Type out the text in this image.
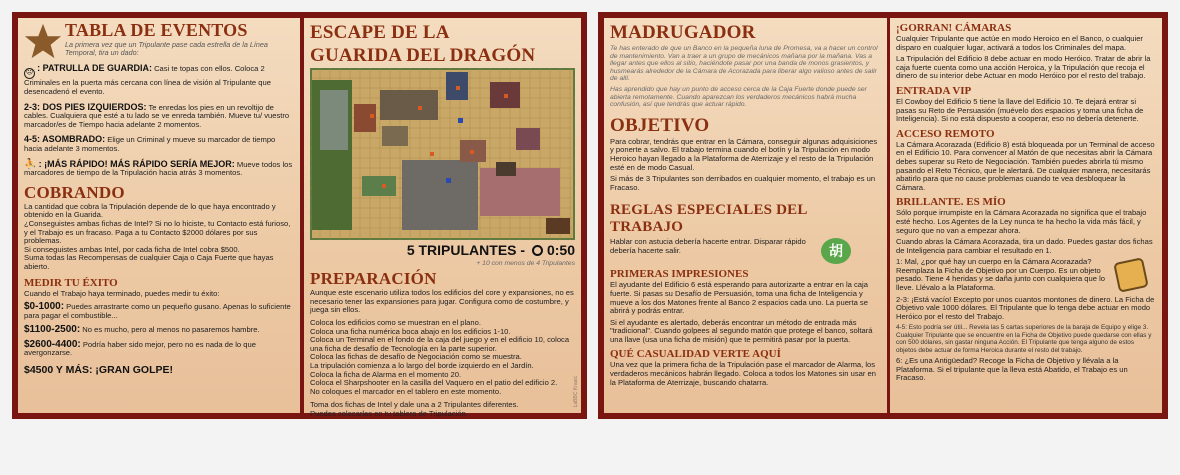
TABLA DE EVENTOS
La primera vez que un Tripulante pase cada estrella de la Línea Temporal, tira un dado:
☹ : PATRULLA DE GUARDIA: Casi te topas con ellos. Coloca 2 Criminales en la puerta más cercana con línea de visión al Tripulante que desencadenó el evento.
2-3: DOS PIES IZQUIERDOS: Te enredas los pies en un revoltijo de cables. Cualquiera que esté a tu lado se ve enreda también. Mueve tu/ vuestro marcador/es de Tiempo hacia adelante 2 momentos.
4-5: ASOMBRADO: Elige un Criminal y mueve su marcador de tiempo hacia adelante 3 momentos.
⛹ : ¡MÁS RÁPIDO! MÁS RÁPIDO SERÍA MEJOR: Mueve todos los marcadores de tiempo de la Tripulación hacia atrás 3 momentos.
COBRANDO
La cantidad que cobra la Tripulación depende de lo que haya encontrado y obtenido en la Guarida.
¿Conseguistes ambas fichas de Intel? Si no lo hiciste, tu Contacto está furioso, y el Trabajo es un fracaso. Paga a tu Contacto $2000 dólares por sus problemas.
Si conseguistes ambas Intel, por cada ficha de Intel cobra $500.
Suma todas las Recompensas de cualquier Caja o Caja Fuerte que hayas abierto.
MEDIR TU ÉXITO
Cuando el Trabajo haya terminado, puedes medir tu éxito:
$0-1000: Puedes arrastrarte como un pequeño gusano. Apenas lo suficiente para pagar el combustible...
$1100-2500: No es mucho, pero al menos no pasaremos hambre.
$2600-4400: Podría haber sido mejor, pero no es nada de lo que avergonzarse.
$4500 Y MÁS: ¡GRAN GOLPE!
ESCAPE DE LA
GUARIDA DEL DRAGÓN
5 TRIPULANTES - 0:50
+ 10 con menos de 4 Tripulantes
PREPARACIÓN
Aunque este escenario utiliza todos los edificios del core y expansiones, no es necesario tener las expansiones para jugar. Configura como de costumbre, y juega sin ellos.
Coloca los edificios como se muestran en el plano.
Coloca una ficha numérica boca abajo en los edificios 1-10.
Coloca un Terminal en el fondo de la caja del juego y en el edificio 10, coloca una ficha de desafío de Tecnología en la parte superior.
Coloca las fichas de desafío de Negociación como se muestra.
La tripulación comienza a lo largo del borde izquierdo en el Jardín.
Coloca la ficha de Alarma en el momento 20.
Coloca el Sharpshooter en la casilla del Vaquero en el patio del edificio 2.
No coloques el marcador en el tablero en este momento.
Toma dos fichas de Intel y dale una a 2 Tripulantes diferentes.
Puedes colocarlas en tu tablero de Tripulación.
LaBBC Kraaic
MADRUGADOR
Te has enterado de que un Banco en la pequeña luna de Promesa, va a hacer un control de mantenimiento. Van a traer a un grupo de mecánicos mañana por la mañana. Vas a llegar antes que ellos al sitio, haciéndote pasar por una banda de monos grasientos, y husmearás alrededor de la Cámara de Acorazada para liberar algo valioso antes de salir de allí.
Has aprendido que hay un punto de acceso cerca de la Caja Fuerte donde puede ser abierta remotamente. Cuando aparezcan los verdaderos mecánicos habrá mucha confusión, así que tendrás que actuar rápido.
OBJETIVO
Para cobrar, tendrás que entrar en la Cámara, conseguir algunas adquisiciones y ponerte a salvo. El trabajo termina cuando el botín y la Tripulación en modo Heroico hayan llegado a la Plataforma de Aterrizaje y el resto de la Tripulación esté en de modo Casual.
Si más de 3 Tripulantes son derribados en cualquier momento, el trabajo es un Fracaso.
REGLAS ESPECIALES DEL TRABAJO
Hablar con astucia debería hacerte entrar. Disparar rápido debería hacerte salir.	胡
PRIMERAS IMPRESIONES
El ayudante del Edificio 6 está esperando para autorizarte a entrar en la caja fuerte. Si pasas su Desafío de Persuasión, toma una ficha de Inteligencia y mueve a los dos Matones frente al Banco 2 espacios cada uno. La puerta se abrirá y podrás entrar.
Si el ayudante es alertado, deberás encontrar un método de entrada más "tradicional". Cuando golpees al segundo matón que protege el banco, soltará una llave (usa una ficha de misión) que te permitirá pasar por la puerta.
QUÉ CASUALIDAD VERTE AQUÍ
Una vez que la primera ficha de la Tripulación pase el marcador de Alarma, los verdaderos mecánicos habrán llegado. Coloca a todos los Matones sin usar en la Plataforma de Aterrizaje, buscando chatarra.
¡GORRAN! CÁMARAS
Cualquier Tripulante que actúe en modo Heroico en el Banco, o cualquier disparo en cualquier lugar, activará a todos los Criminales del mapa.
La Tripulación del Edificio 8 debe actuar en modo Heróico. Tratar de abrir la caja fuerte cuenta como una acción Heroica, y la Tripulación que recoja el dinero de su interior debe Actuar en modo Heróico por el resto del trabajo.
ENTRADA VIP
El Cowboy del Edificio 5 tiene la llave del Edificio 10. Te dejará entrar si pasas su Reto de Persuasión (muévelo dos espacios y toma una ficha de Inteligencia). Si no está dispuesto a cooperar, eso no debería detenerte.
ACCESO REMOTO
La Cámara Acorazada (Edificio 8) está bloqueada por un Terminal de acceso en el Edificio 10. Para convencer al Matón de que necesitas abrir la Cámara debes superar su Reto de Negociación. También puedes abrirla tú mismo pasando el Reto Técnico, que le alertará. De cualquier manera, necesitarás abatirlo para que no cause problemas cuando te vea desbloquear la Cámara.
BRILLANTE. ES MÍO
Sólo porque irrumpiste en la Cámara Acorazada no significa que el trabajo esté hecho. Los Agentes de la Ley nunca te ha hecho la vida más fácil, y seguro que no van a empezar ahora.
Cuando abras la Cámara Acorazada, tira un dado. Puedes gastar dos fichas de Inteligencia para cambiar el resultado en 1.
1: Mal, ¿por qué hay un cuerpo en la Cámara Acorazada? Reemplaza la Ficha de Objetivo por un Cuerpo. Es un objeto pesado. Tiene 4 heridas y se daña junto con cualquiera que lo lleve. Llévalo a la Plataforma.
2-3: ¡Está vacío! Excepto por unos cuantos montones de dinero. La Ficha de Objetivo vale 1000 dólares. El Tripulante que lo tenga debe actuar en modo Heróico por el resto del Trabajo.
4-5: Esto podría ser útil... Revela las 5 cartas superiores de la baraja de Equipo y elige 3. Cualquier Tripulante que se encuentre en la Ficha de Objetivo puede quedarse con ellas y con 500 dólares, sin gastar ninguna Acción. El Tripulante que tenga alguno de estos objetos debe actuar de forma Heroica durante el resto del trabajo.
6: ¿Es una Antigüedad? Recoge la Ficha de Objetivo y llévala a la Plataforma. Si el tripulante que la lleva está Abatido, el Trabajo es un Fracaso.
